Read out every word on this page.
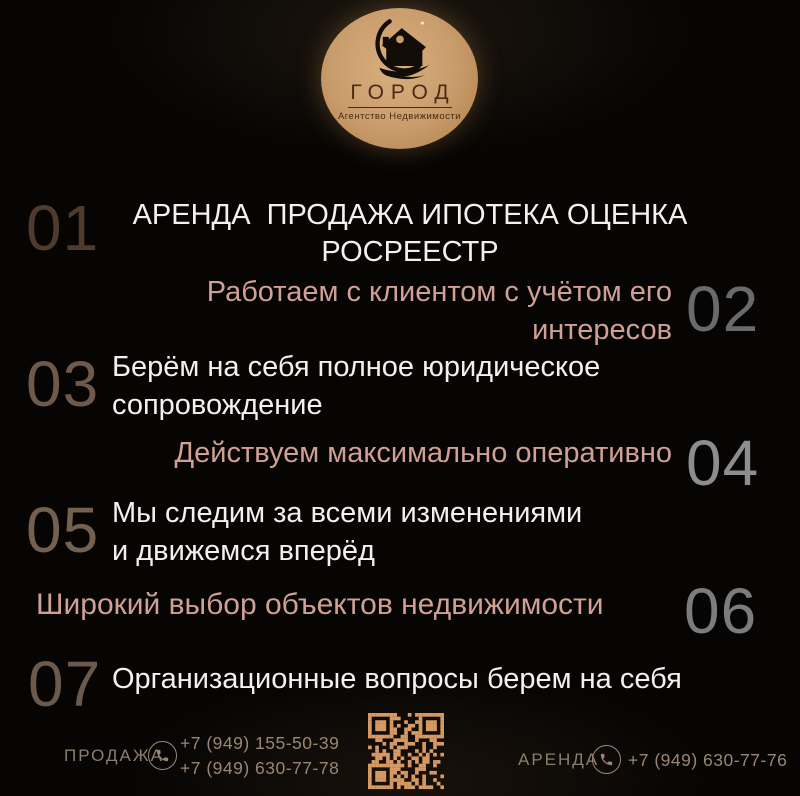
ГОРОД
Агентство Недвижимости
01	АРЕНДА  ПРОДАЖА ИПОТЕКА ОЦЕНКА
РОСРЕЕСТР
Работаем с клиентом с учётом его
интересов 02
03 Берём на себя полное юридическое
сопровождение
Действуем максимально оперативно 04
05 Мы следим за всеми изменениями
и движемся вперёд
Широкий выбор объектов недвижимости	06
07 Организационные вопросы берем на себя
ПРОДАЖА
+7 (949) 155-50-39
+7 (949) 630-77-78	АРЕНДА +7 (949) 630-77-76
